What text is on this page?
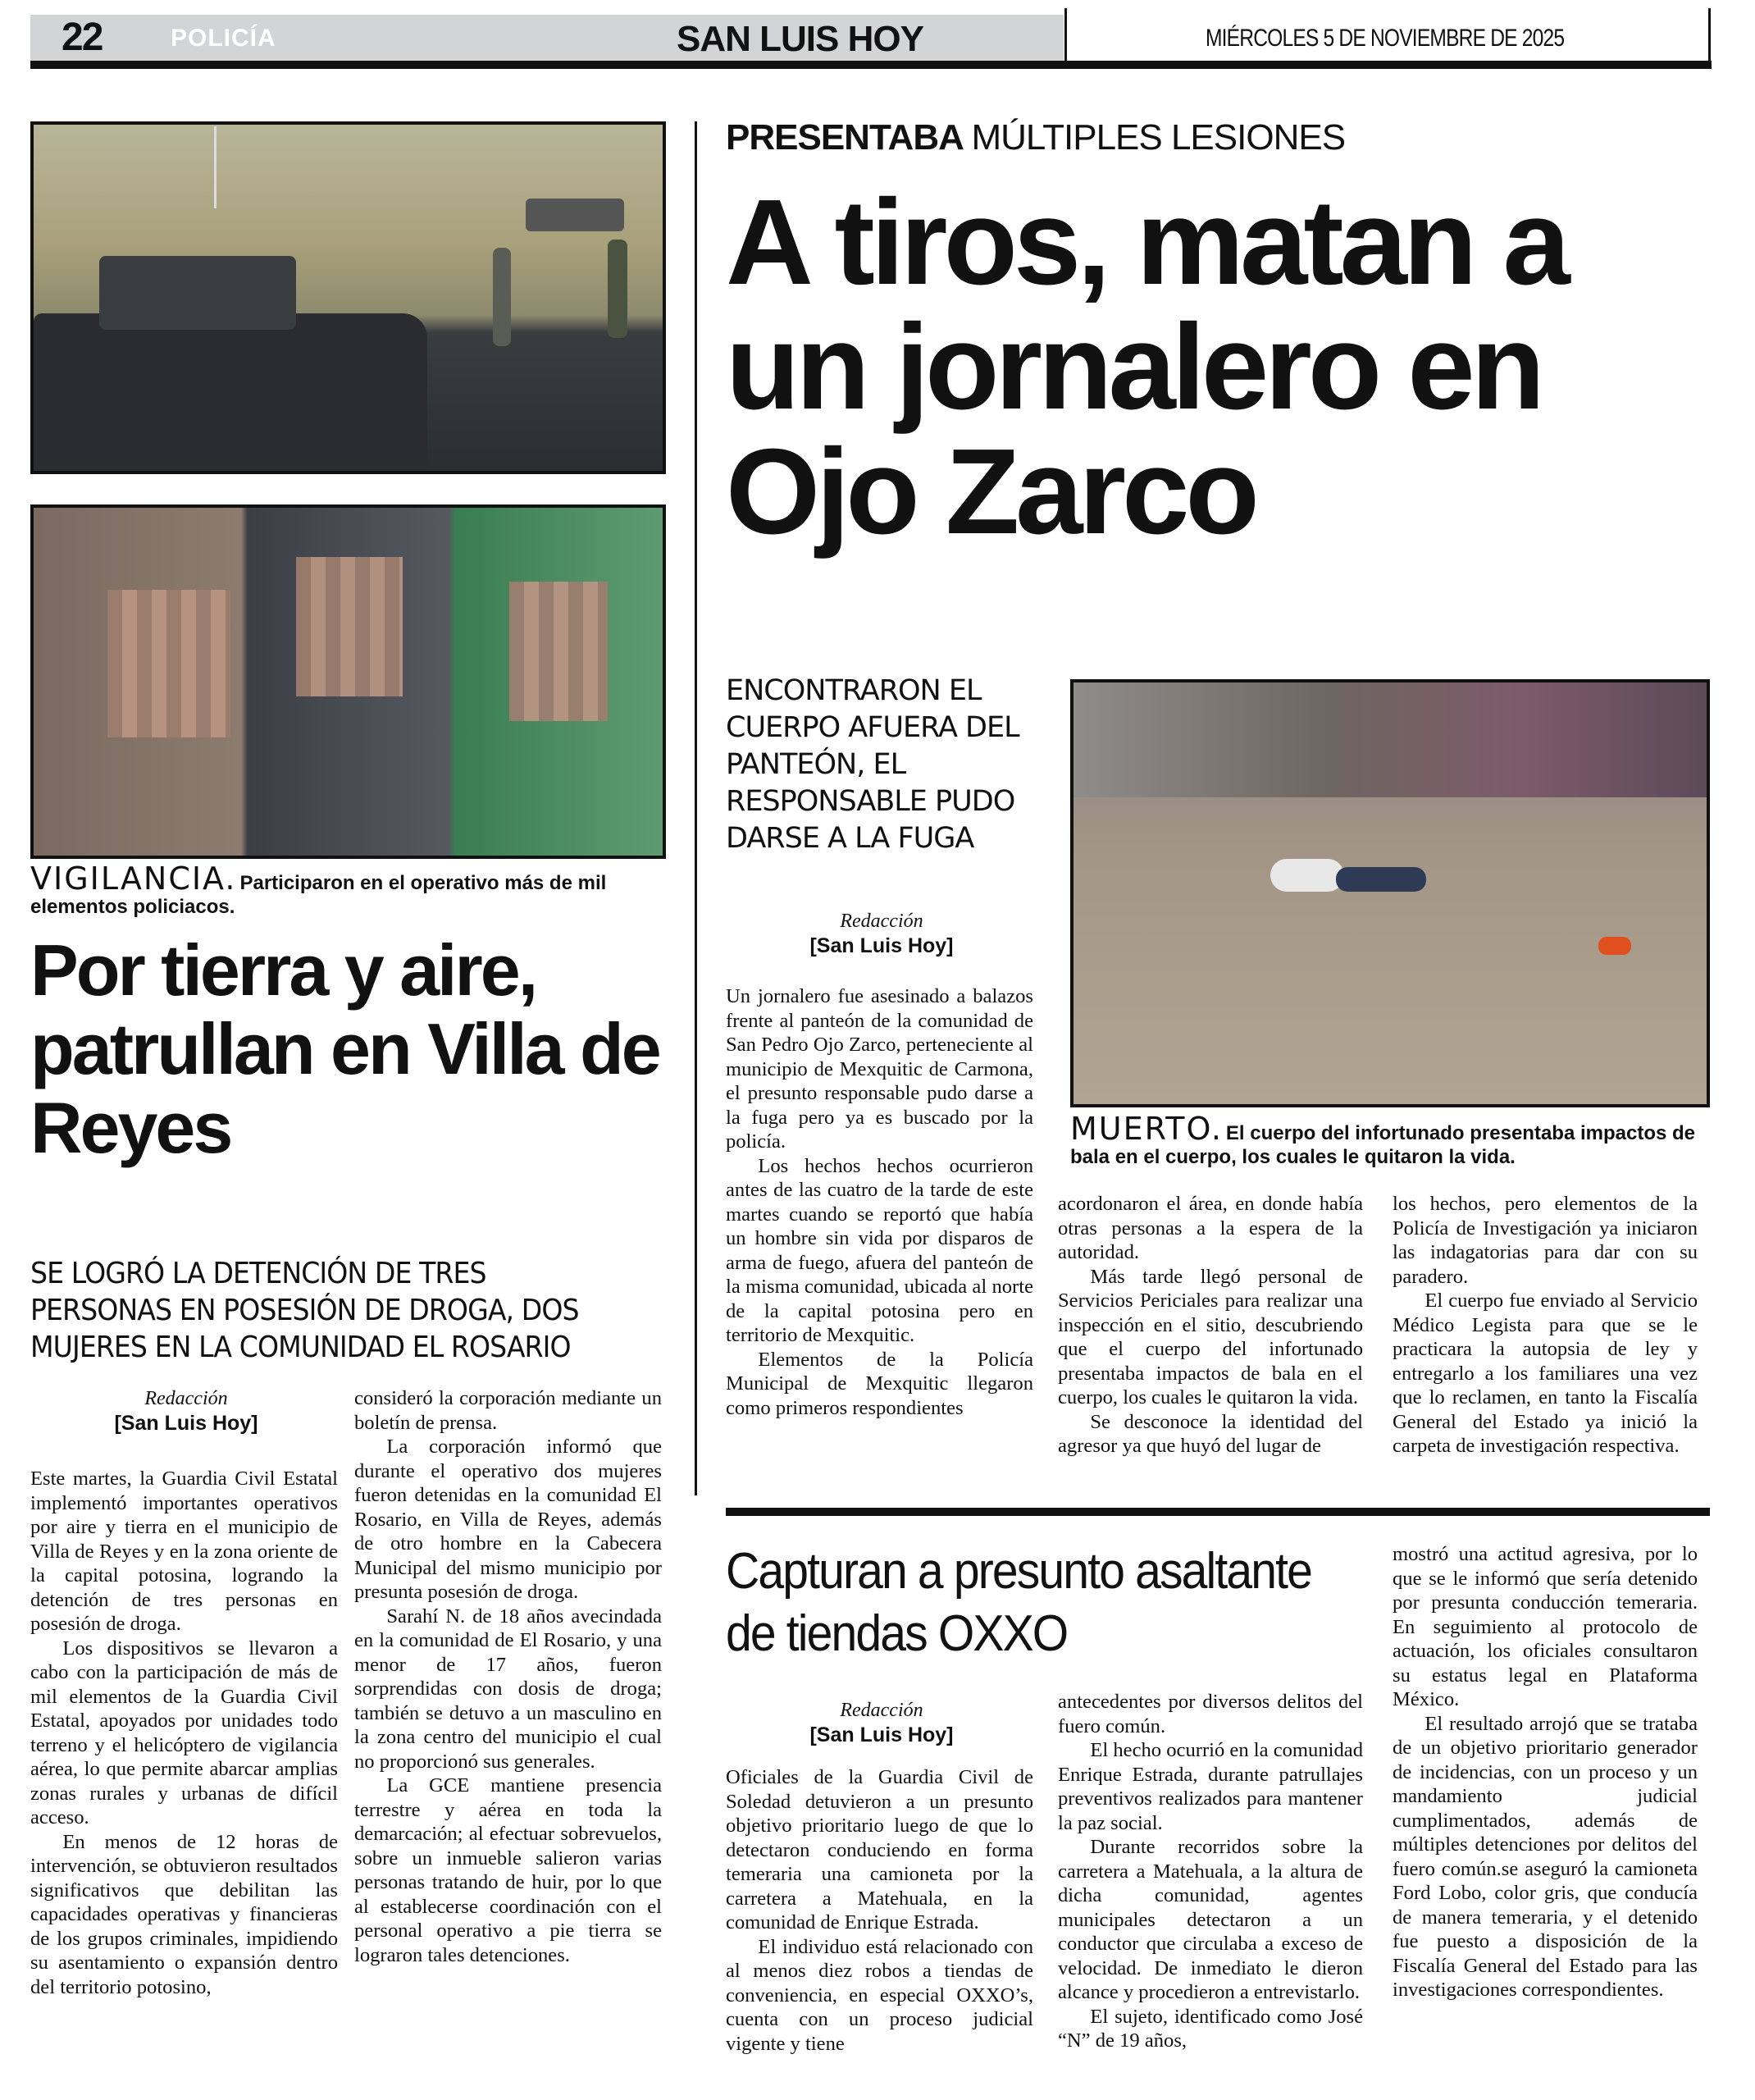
22	POLICÍA	SAN LUIS HOY	MIÉRCOLES 5 DE NOVIEMBRE DE 2025
VIGILANCIA. Participaron en el operativo más de mil elementos policiacos.
Por tierra y aire, patrullan en Villa de Reyes
SE LOGRÓ LA DETENCIÓN DE TRES PERSONAS EN POSESIÓN DE DROGA, DOS MUJERES EN LA COMUNIDAD EL ROSARIO
Redacción
[San Luis Hoy]

Este martes, la Guardia Civil Estatal implementó importantes operativos por aire y tierra en el municipio de Villa de Reyes y en la zona oriente de la capital potosina, logrando la detención de tres personas en posesión de droga.

Los dispositivos se llevaron a cabo con la participación de más de mil elementos de la Guardia Civil Estatal, apoyados por unidades todo terreno y el helicóptero de vigilancia aérea, lo que permite abarcar amplias zonas rurales y urbanas de difícil acceso.

En menos de 12 horas de intervención, se obtuvieron resultados significativos que debilitan las capacidades operativas y financieras de los grupos criminales, impidiendo su asentamiento o expansión dentro del territorio potosino,

consideró la corporación mediante un boletín de prensa.

La corporación informó que durante el operativo dos mujeres fueron detenidas en la comunidad El Rosario, en Villa de Reyes, además de otro hombre en la Cabecera Municipal del mismo municipio por presunta posesión de droga.

Sarahí N. de 18 años avecindada en la comunidad de El Rosario, y una menor de 17 años, fueron sorprendidas con dosis de droga; también se detuvo a un masculino en la zona centro del municipio el cual no proporcionó sus generales.

La GCE mantiene presencia terrestre y aérea en toda la demarcación; al efectuar sobrevuelos, sobre un inmueble salieron varias personas tratando de huir, por lo que al establecerse coordinación con el personal operativo a pie tierra se lograron tales detenciones.

PRESENTABA MÚLTIPLES LESIONES
A tiros, matan a un jornalero en Ojo Zarco
ENCONTRARON EL CUERPO AFUERA DEL PANTEÓN, EL RESPONSABLE PUDO DARSE A LA FUGA
Redacción
[San Luis Hoy]
MUERTO. El cuerpo del infortunado presentaba impactos de bala en el cuerpo, los cuales le quitaron la vida.

Un jornalero fue asesinado a balazos frente al panteón de la comunidad de San Pedro Ojo Zarco, perteneciente al municipio de Mexquitic de Carmona, el presunto responsable pudo darse a la fuga pero ya es buscado por la policía.

Los hechos hechos ocurrieron antes de las cuatro de la tarde de este martes cuando se reportó que había un hombre sin vida por disparos de arma de fuego, afuera del panteón de la misma comunidad, ubicada al norte de la capital potosina pero en territorio de Mexquitic.

Elementos de la Policía Municipal de Mexquitic llegaron como primeros respondientes

acordonaron el área, en donde había otras personas a la espera de la autoridad.

Más tarde llegó personal de Servicios Periciales para realizar una inspección en el sitio, descubriendo que el cuerpo del infortunado presentaba impactos de bala en el cuerpo, los cuales le quitaron la vida.

Se desconoce la identidad del agresor ya que huyó del lugar de

los hechos, pero elementos de la Policía de Investigación ya iniciaron las indagatorias para dar con su paradero.

El cuerpo fue enviado al Servicio Médico Legista para que se le practicara la autopsia de ley y entregarlo a los familiares una vez que lo reclamen, en tanto la Fiscalía General del Estado ya inició la carpeta de investigación respectiva.

Capturan a presunto asaltante de tiendas OXXO
Redacción
[San Luis Hoy]

Oficiales de la Guardia Civil de Soledad detuvieron a un presunto objetivo prioritario luego de que lo detectaron conduciendo en forma temeraria una camioneta por la carretera a Matehuala, en la comunidad de Enrique Estrada.

El individuo está relacionado con al menos diez robos a tiendas de conveniencia, en especial OXXO’s, cuenta con un proceso judicial vigente y tiene

antecedentes por diversos delitos del fuero común.

El hecho ocurrió en la comunidad Enrique Estrada, durante patrullajes preventivos realizados para mantener la paz social.

Durante recorridos sobre la carretera a Matehuala, a la altura de dicha comunidad, agentes municipales detectaron a un conductor que circulaba a exceso de velocidad. De inmediato le dieron alcance y procedieron a entrevistarlo.

El sujeto, identificado como José “N” de 19 años,

mostró una actitud agresiva, por lo que se le informó que sería detenido por presunta conducción temeraria. En seguimiento al protocolo de actuación, los oficiales consultaron su estatus legal en Plataforma México.

El resultado arrojó que se trataba de un objetivo prioritario generador de incidencias, con un proceso y un mandamiento judicial cumplimentados, además de múltiples detenciones por delitos del fuero común.se aseguró la camioneta Ford Lobo, color gris, que conducía de manera temeraria, y el detenido fue puesto a disposición de la Fiscalía General del Estado para las investigaciones correspondientes.
